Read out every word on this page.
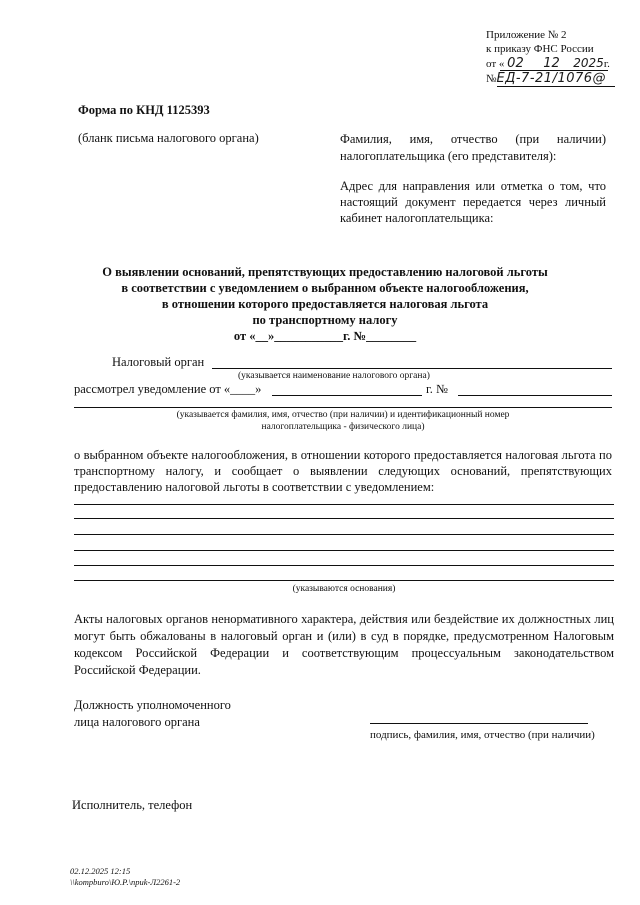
Приложение № 2
к приказу ФНС России
от « 02 12 2025г.
№ЕД-7-21/1076@
Форма по КНД 1125393
(бланк письма налогового органа)	Фамилия, имя, отчество (при наличии) налогоплательщика (его представителя):
Адрес для направления или отметка о том, что настоящий документ передается через личный кабинет налогоплательщика:
О выявлении оснований, препятствующих предоставлению налоговой льготы
в соответствии с уведомлением о выбранном объекте налогообложения,
в отношении которого предоставляется налоговая льгота
по транспортному налогу
от «__»___________г. №________
Налоговый орган
(указывается наименование налогового органа)
рассмотрел уведомление от «____»	г. №
(указывается фамилия, имя, отчество (при наличии) и идентификационный номер
налогоплательщика - физического лица)
о выбранном объекте налогообложения, в отношении которого предоставляется налоговая льгота по транспортному налогу, и сообщает о выявлении следующих оснований, препятствующих предоставлению налоговой льготы в соответствии с уведомлением:
(указываются основания)
Акты налоговых органов ненормативного характера, действия или бездействие их должностных лиц могут быть обжалованы в налоговый орган и (или) в суд в порядке, предусмотренном Налоговым кодексом Российской Федерации и соответствующим процессуальным законодательством Российской Федерации.
Должность уполномоченного
лица налогового органа
подпись, фамилия, имя, отчество (при наличии)
Исполнитель, телефон
02.12.2025 12:15
\\kompburo\Ю.Р.\приk-Л2261-2
